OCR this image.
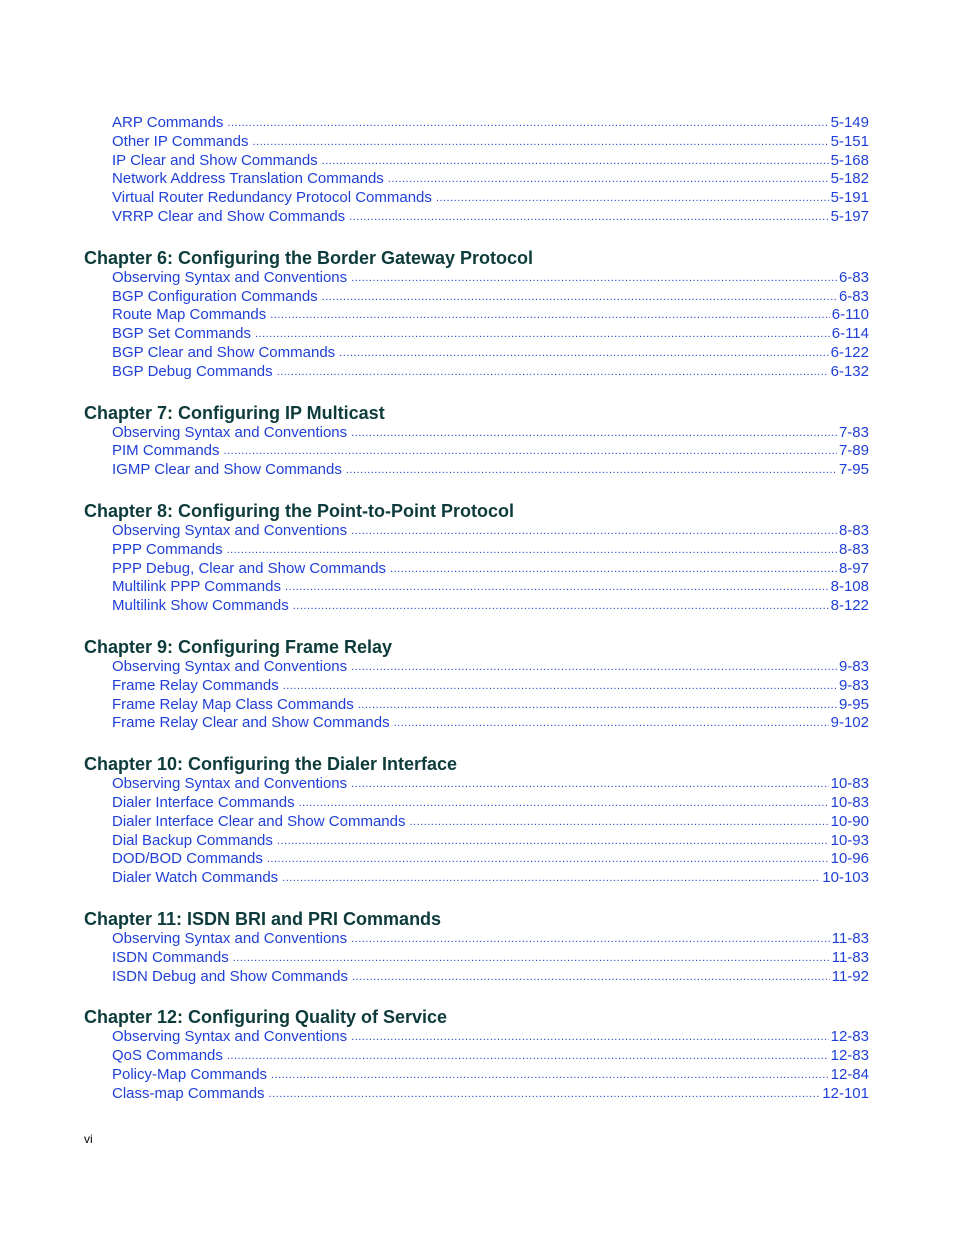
ARP Commands .....	5-149
Other IP Commands .....	5-151
IP Clear and Show Commands .....	5-168
Network Address Translation Commands .....	5-182
Virtual Router Redundancy Protocol Commands .....	5-191
VRRP Clear and Show Commands .....	5-197
Chapter 6: Configuring the Border Gateway Protocol
Observing Syntax and Conventions .....	6-83
BGP Configuration Commands .....	6-83
Route Map Commands .....	6-110
BGP Set Commands .....	6-114
BGP Clear and Show Commands .....	6-122
BGP Debug Commands .....	6-132
Chapter 7: Configuring IP Multicast
Observing Syntax and Conventions .....	7-83
PIM Commands .....	7-89
IGMP Clear and Show Commands .....	7-95
Chapter 8: Configuring the Point-to-Point Protocol
Observing Syntax and Conventions .....	8-83
PPP Commands .....	8-83
PPP Debug, Clear and Show Commands .....	8-97
Multilink PPP Commands .....	8-108
Multilink Show Commands .....	8-122
Chapter 9: Configuring Frame Relay
Observing Syntax and Conventions .....	9-83
Frame Relay Commands .....	9-83
Frame Relay Map Class Commands .....	9-95
Frame Relay Clear and Show Commands .....	9-102
Chapter 10: Configuring the Dialer Interface
Observing Syntax and Conventions .....	10-83
Dialer Interface Commands .....	10-83
Dialer Interface Clear and Show Commands .....	10-90
Dial Backup Commands .....	10-93
DOD/BOD Commands .....	10-96
Dialer Watch Commands .....	10-103
Chapter 11: ISDN BRI and PRI Commands
Observing Syntax and Conventions .....	11-83
ISDN Commands .....	11-83
ISDN Debug and Show Commands .....	11-92
Chapter 12: Configuring Quality of Service
Observing Syntax and Conventions .....	12-83
QoS Commands .....	12-83
Policy-Map Commands .....	12-84
Class-map Commands .....	12-101
vi
